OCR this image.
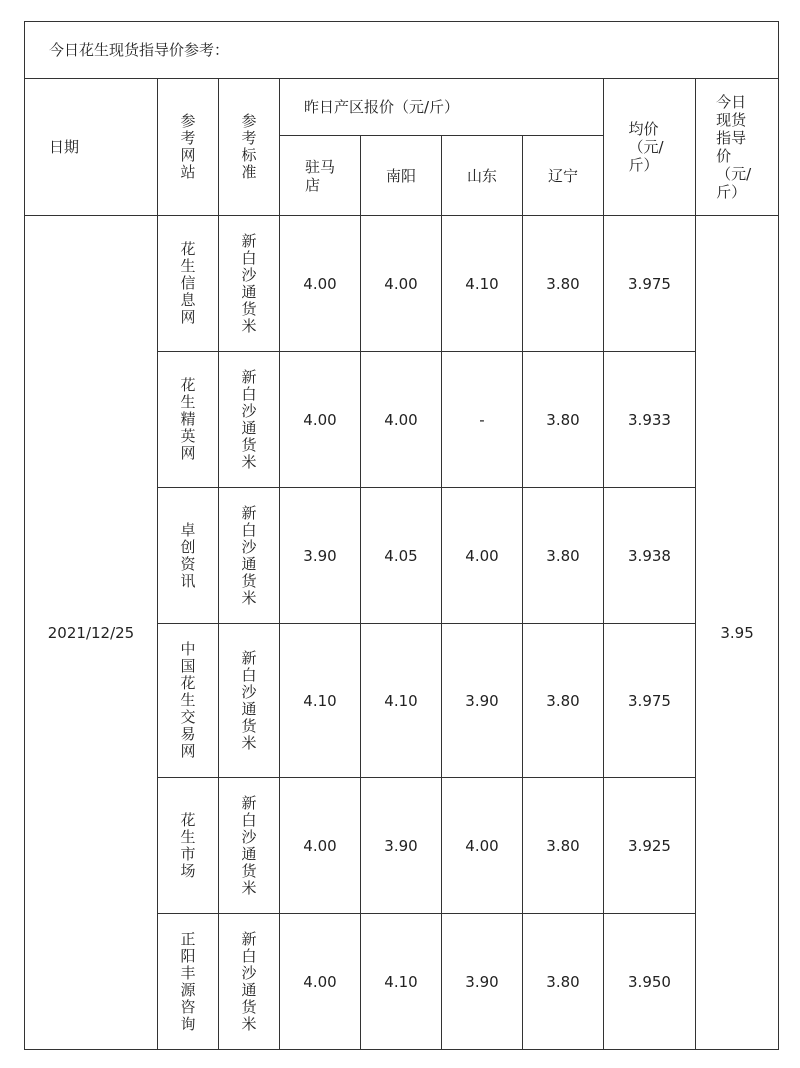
今日花生现货指导价参考：								
日期	参考网站	参考标准	昨日产区报价（元/斤）				均价（元/斤）	今日现货指导价（元/斤）
			驻马店	南阳	山东	辽宁		
2021/12/25	花生信息网	新白沙通货米	4.00	4.00	4.10	3.80	3.975	3.95
	花生精英网	新白沙通货米	4.00	4.00	-	3.80	3.933	
	卓创资讯	新白沙通货米	3.90	4.05	4.00	3.80	3.938	
	中国花生交易网	新白沙通货米	4.10	4.10	3.90	3.80	3.975	
	花生市场	新白沙通货米	4.00	3.90	4.00	3.80	3.925	
	正阳丰源咨询	新白沙通货米	4.00	4.10	3.90	3.80	3.950	
